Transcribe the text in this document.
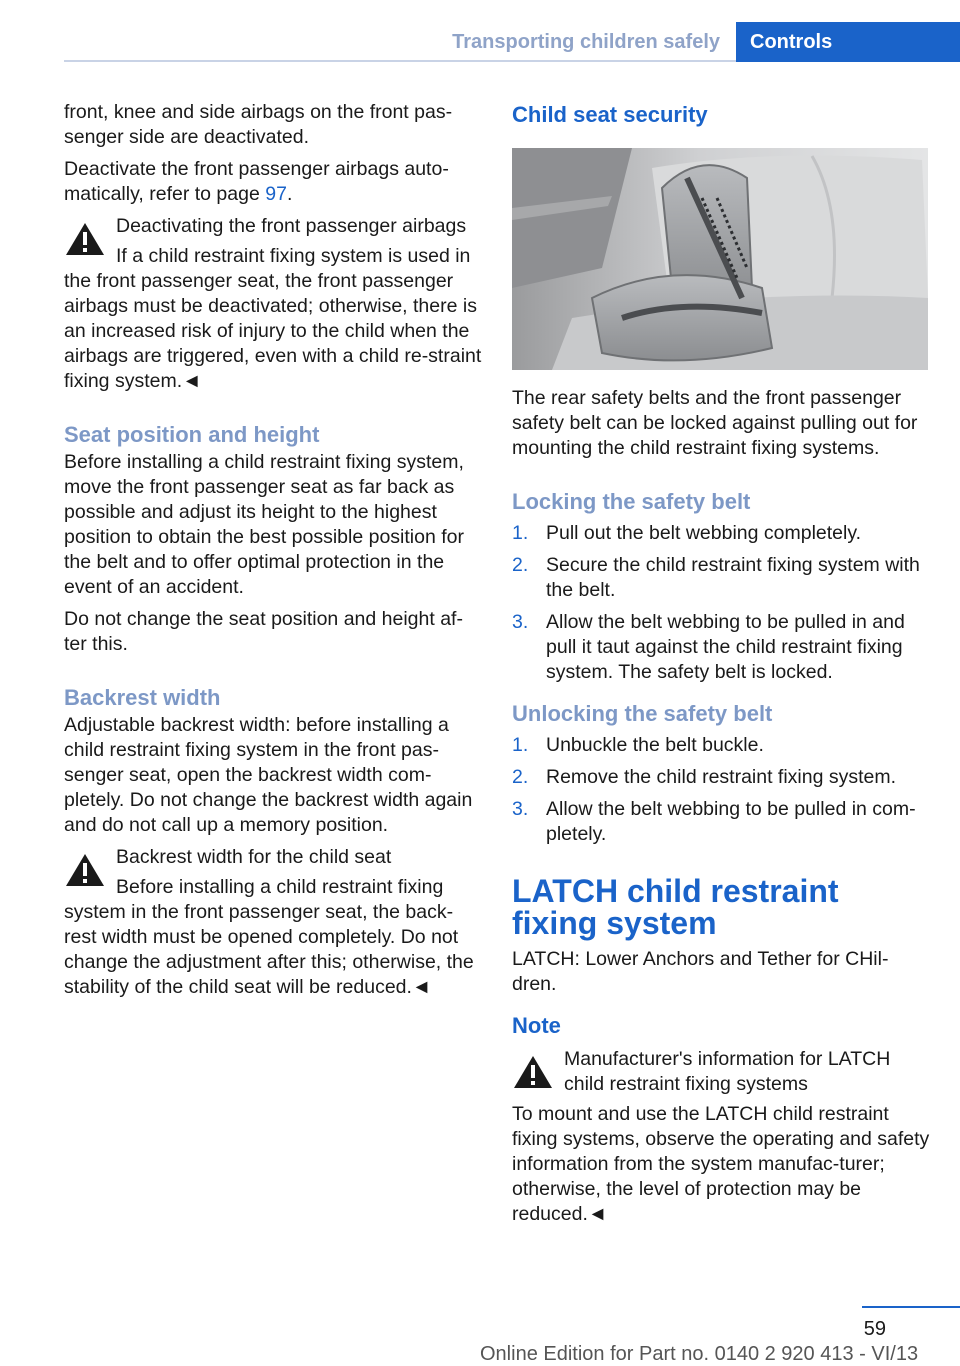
Transporting children safely	Controls

front, knee and side airbags on the front pas‐senger side are deactivated.

Deactivate the front passenger airbags auto‐matically, refer to page 97.

Deactivating the front passenger airbags

If a child restraint fixing system is used in the front passenger seat, the front passenger airbags must be deactivated; otherwise, there is an increased risk of injury to the child when the airbags are triggered, even with a child re‐straint fixing system.◄

Seat position and height

Before installing a child restraint fixing system, move the front passenger seat as far back as possible and adjust its height to the highest position to obtain the best possible position for the belt and to offer optimal protection in the event of an accident.

Do not change the seat position and height af‐ter this.

Backrest width

Adjustable backrest width: before installing a child restraint fixing system in the front pas‐senger seat, open the backrest width com‐pletely. Do not change the backrest width again and do not call up a memory position.

Backrest width for the child seat

Before installing a child restraint fixing system in the front passenger seat, the back‐rest width must be opened completely. Do not change the adjustment after this; otherwise, the stability of the child seat will be reduced.◄

Child seat security

The rear safety belts and the front passenger safety belt can be locked against pulling out for mounting the child restraint fixing systems.

Locking the safety belt
1. Pull out the belt webbing completely.
2. Secure the child restraint fixing system with the belt.
3. Allow the belt webbing to be pulled in and pull it taut against the child restraint fixing system. The safety belt is locked.
Unlocking the safety belt
1. Unbuckle the belt buckle.
2. Remove the child restraint fixing system.
3. Allow the belt webbing to be pulled in com‐pletely.
LATCH child restraint fixing system

LATCH: Lower Anchors and Tether for CHil‐dren.

Note

Manufacturer's information for LATCH child restraint fixing systems

To mount and use the LATCH child restraint fixing systems, observe the operating and safety information from the system manufac‐turer; otherwise, the level of protection may be reduced.◄

59
Online Edition for Part no. 0140 2 920 413 - VI/13
